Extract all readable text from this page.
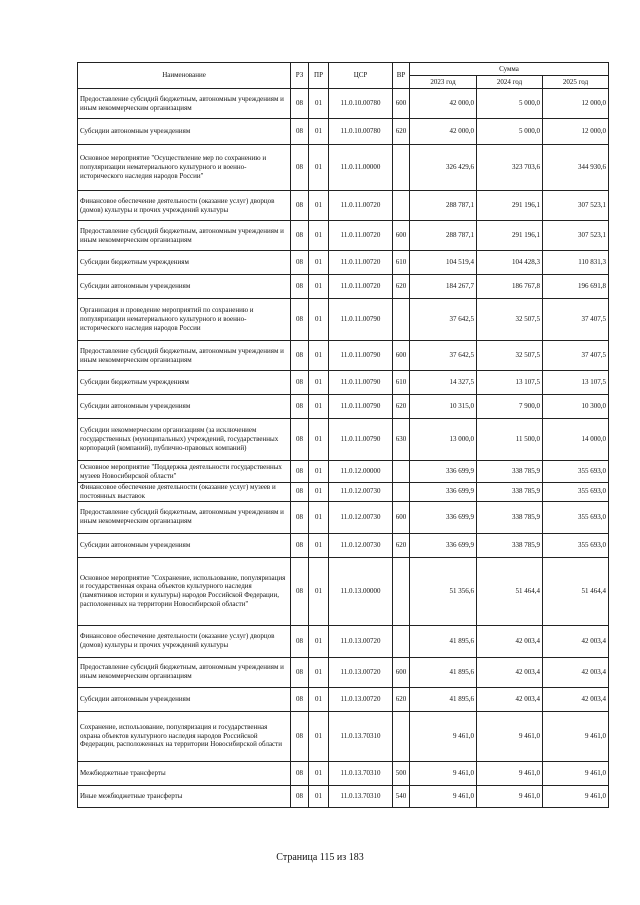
Наименование	РЗ	ПР	ЦСР	ВР	Сумма		
					2023 год	2024 год	2025 год
Предоставление субсидий бюджетным, автономным учреждениям и иным некоммерческим организациям	08	01	11.0.10.00780	600	42 000,0	5 000,0	12 000,0
Субсидии автономным учреждениям	08	01	11.0.10.00780	620	42 000,0	5 000,0	12 000,0
Основное мероприятие "Осуществление мер по сохранению и популяризации нематериального культурного и военно-исторического наследия народов России"	08	01	11.0.11.00000		326 429,6	323 703,6	344 930,6
Финансовое обеспечение деятельности (оказание услуг) дворцов (домов) культуры и прочих учреждений культуры	08	01	11.0.11.00720		288 787,1	291 196,1	307 523,1
Предоставление субсидий бюджетным, автономным учреждениям и иным некоммерческим организациям	08	01	11.0.11.00720	600	288 787,1	291 196,1	307 523,1
Субсидии бюджетным учреждениям	08	01	11.0.11.00720	610	104 519,4	104 428,3	110 831,3
Субсидии автономным учреждениям	08	01	11.0.11.00720	620	184 267,7	186 767,8	196 691,8
Организация и проведение мероприятий по сохранению и популяризации нематериального культурного и военно-исторического наследия народов России	08	01	11.0.11.00790		37 642,5	32 507,5	37 407,5
Предоставление субсидий бюджетным, автономным учреждениям и иным некоммерческим организациям	08	01	11.0.11.00790	600	37 642,5	32 507,5	37 407,5
Субсидии бюджетным учреждениям	08	01	11.0.11.00790	610	14 327,5	13 107,5	13 107,5
Субсидии автономным учреждениям	08	01	11.0.11.00790	620	10 315,0	7 900,0	10 300,0
Субсидии некоммерческим организациям (за исключением государственных (муниципальных) учреждений, государственных корпораций (компаний), публично-правовых компаний)	08	01	11.0.11.00790	630	13 000,0	11 500,0	14 000,0
Основное мероприятие "Поддержка деятельности государственных музеев Новосибирской области"	08	01	11.0.12.00000		336 699,9	338 785,9	355 693,0
Финансовое обеспечение деятельности (оказание услуг) музеев и постоянных выставок	08	01	11.0.12.00730		336 699,9	338 785,9	355 693,0
Предоставление субсидий бюджетным, автономным учреждениям и иным некоммерческим организациям	08	01	11.0.12.00730	600	336 699,9	338 785,9	355 693,0
Субсидии автономным учреждениям	08	01	11.0.12.00730	620	336 699,9	338 785,9	355 693,0
Основное мероприятие "Сохранение, использование, популяризация и государственная охрана объектов культурного наследия (памятников истории и культуры) народов Российской Федерации, расположенных на территории Новосибирской области"	08	01	11.0.13.00000		51 356,6	51 464,4	51 464,4
Финансовое обеспечение деятельности (оказание услуг) дворцов (домов) культуры и прочих учреждений культуры	08	01	11.0.13.00720		41 895,6	42 003,4	42 003,4
Предоставление субсидий бюджетным, автономным учреждениям и иным некоммерческим организациям	08	01	11.0.13.00720	600	41 895,6	42 003,4	42 003,4
Субсидии автономным учреждениям	08	01	11.0.13.00720	620	41 895,6	42 003,4	42 003,4
Сохранение, использование, популяризация и государственная охрана объектов культурного наследия народов Российской Федерации, расположенных на территории Новосибирской области	08	01	11.0.13.70310		9 461,0	9 461,0	9 461,0
Межбюджетные трансферты	08	01	11.0.13.70310	500	9 461,0	9 461,0	9 461,0
Иные межбюджетные трансферты	08	01	11.0.13.70310	540	9 461,0	9 461,0	9 461,0
Страница 115 из 183
